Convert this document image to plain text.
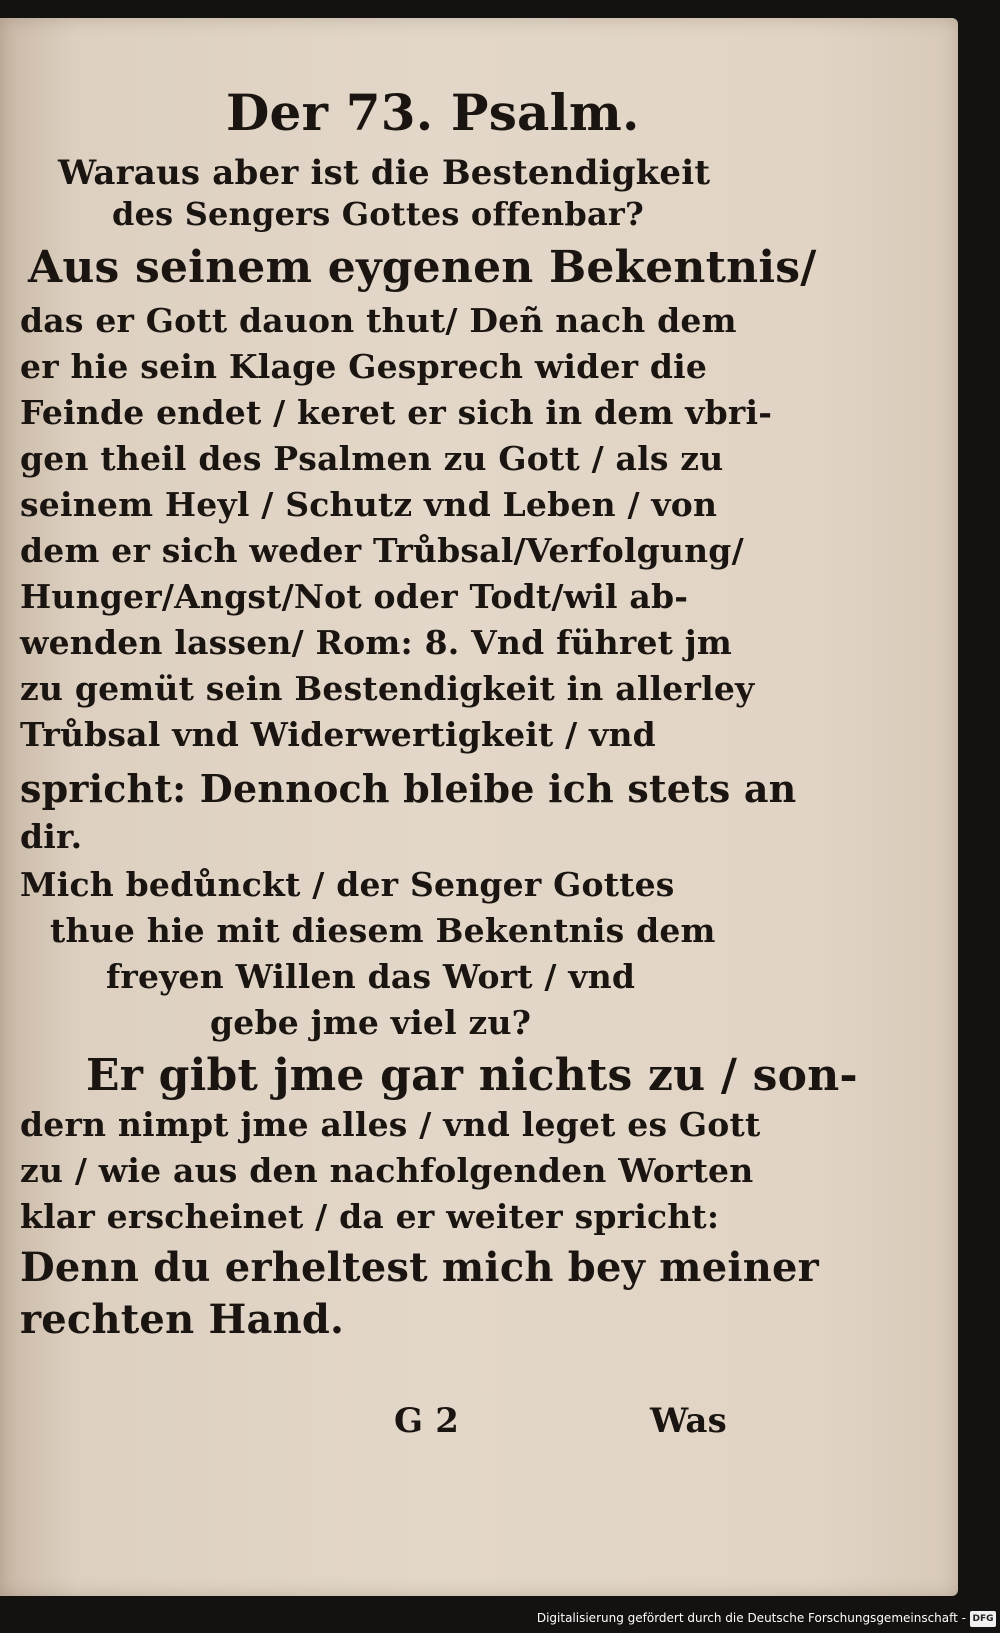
Der 73. Psalm.
Waraus aber ist die Bestendigkeit
des Sengers Gottes offenbar?
Aus seinem eygenen Bekentnis/
das er Gott dauon thut/ Deñ nach dem
er hie sein Klage Gesprech wider die
Feinde endet / keret er sich in dem vbri-
gen theil des Psalmen zu Gott / als zu
seinem Heyl / Schutz vnd Leben / von
dem er sich weder Trůbsal/Verfolgung/
Hunger/Angst/Not oder Todt/wil ab-
wenden lassen/ Rom: 8. Vnd führet jm
zu gemüt sein Bestendigkeit in allerley
Trůbsal vnd Widerwertigkeit / vnd
spricht: Dennoch bleibe ich stets an
dir.
Mich bedůnckt / der Senger Gottes
thue hie mit diesem Bekentnis dem
freyen Willen das Wort / vnd
gebe jme viel zu?
Er gibt jme gar nichts zu / son-
dern nimpt jme alles / vnd leget es Gott
zu / wie aus den nachfolgenden Worten
klar erscheinet / da er weiter spricht:
Denn du erheltest mich bey meiner
rechten Hand.
G 2	Was
Digitalisierung gefördert durch die Deutsche Forschungsgemeinschaft - DFG
